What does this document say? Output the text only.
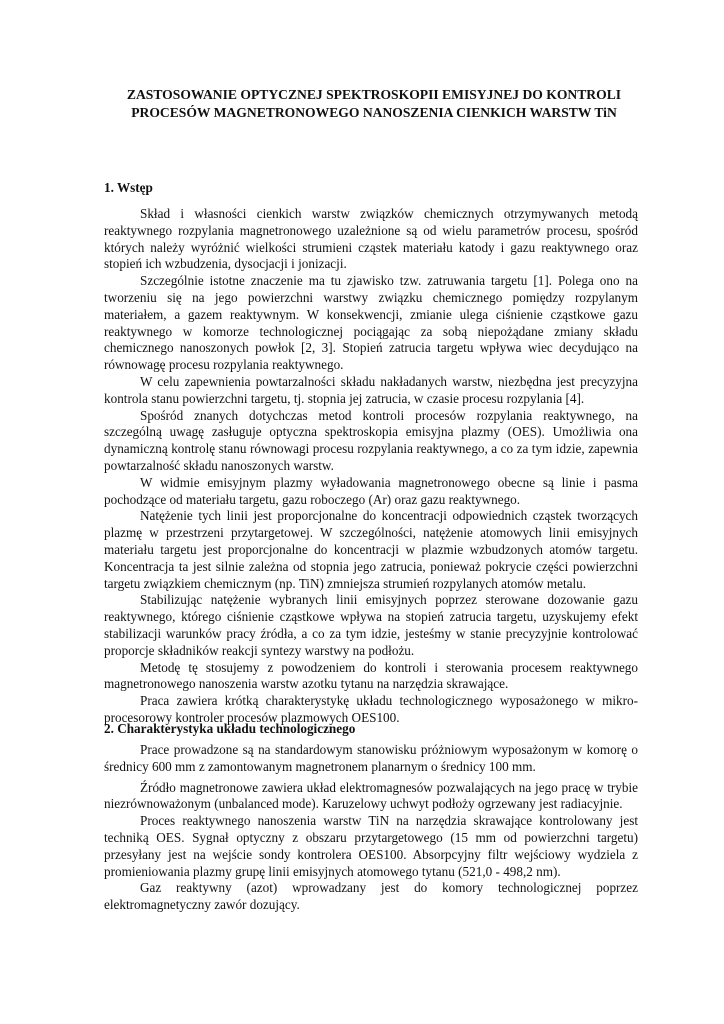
ZASTOSOWANIE OPTYCZNEJ SPEKTROSKOPII EMISYJNEJ DO KONTROLI
PROCESÓW MAGNETRONOWEGO NANOSZENIA CIENKICH WARSTW TiN
1. Wstęp

Skład i własności cienkich warstw związków chemicznych otrzymywanych metodą reaktywnego rozpylania magnetronowego uzależnione są od wielu parametrów procesu, spośród których należy wyróżnić wielkości strumieni cząstek materiału katody i gazu reaktywnego oraz stopień ich wzbudzenia, dysocjacji i jonizacji.

Szczególnie istotne znaczenie ma tu zjawisko tzw. zatruwania targetu [1]. Polega ono na tworzeniu się na jego powierzchni warstwy związku chemicznego pomiędzy rozpylanym materiałem, a gazem reaktywnym. W konsekwencji, zmianie ulega ciśnienie cząstkowe gazu reaktywnego w komorze technologicznej pociągając za sobą niepożądane zmiany składu chemicznego nanoszonych powłok [2, 3]. Stopień zatrucia targetu wpływa wiec decydująco na równowagę procesu rozpylania reaktywnego.

W celu zapewnienia powtarzalności składu nakładanych warstw, niezbędna jest precyzyjna kontrola stanu powierzchni targetu, tj. stopnia jej zatrucia, w czasie procesu rozpylania [4].

Spośród znanych dotychczas metod kontroli procesów rozpylania reaktywnego, na szczególną uwagę zasługuje optyczna spektroskopia emisyjna plazmy (OES). Umożliwia ona dynamiczną kontrolę stanu równowagi procesu rozpylania reaktywnego, a co za tym idzie, zapewnia powtarzalność składu nanoszonych warstw.

W widmie emisyjnym plazmy wyładowania magnetronowego obecne są linie i pasma pochodzące od materiału targetu, gazu roboczego (Ar) oraz gazu reaktywnego.

Natężenie tych linii jest proporcjonalne do koncentracji odpowiednich cząstek tworzących plazmę w przestrzeni przytargetowej. W szczególności, natężenie atomowych linii emisyjnych materiału targetu jest proporcjonalne do koncentracji w plazmie wzbudzonych atomów targetu. Koncentracja ta jest silnie zależna od stopnia jego zatrucia, ponieważ pokrycie części powierzchni targetu związkiem chemicznym (np. TiN) zmniejsza strumień rozpylanych atomów metalu.

Stabilizując natężenie wybranych linii emisyjnych poprzez sterowane dozowanie gazu reaktywnego, którego ciśnienie cząstkowe wpływa na stopień zatrucia targetu, uzyskujemy efekt stabilizacji warunków pracy źródła, a co za tym idzie, jesteśmy w stanie precyzyjnie kontrolować proporcje składników reakcji syntezy warstwy na podłożu.

Metodę tę stosujemy z powodzeniem do kontroli i sterowania procesem reaktywnego magnetronowego nanoszenia warstw azotku tytanu na narzędzia skrawające.

Praca zawiera krótką charakterystykę układu technologicznego wyposażonego w mikro-procesorowy kontroler procesów plazmowych OES100.

2. Charakterystyka układu technologicznego

Prace prowadzone są na standardowym stanowisku próżniowym wyposażonym w komorę o średnicy 600 mm z zamontowanym magnetronem planarnym o średnicy 100 mm.

Źródło magnetronowe zawiera układ elektromagnesów pozwalających na jego pracę w trybie niezrównoważonym (unbalanced mode). Karuzelowy uchwyt podłoży ogrzewany jest radiacyjnie.

Proces reaktywnego nanoszenia warstw TiN na narzędzia skrawające kontrolowany jest techniką OES. Sygnał optyczny z obszaru przytargetowego (15 mm od powierzchni targetu) przesyłany jest na wejście sondy kontrolera OES100. Absorpcyjny filtr wejściowy wydziela z promieniowania plazmy grupę linii emisyjnych atomowego tytanu (521,0 - 498,2 nm).

Gaz reaktywny (azot) wprowadzany jest do komory technologicznej poprzez elektromagnetyczny zawór dozujący.
